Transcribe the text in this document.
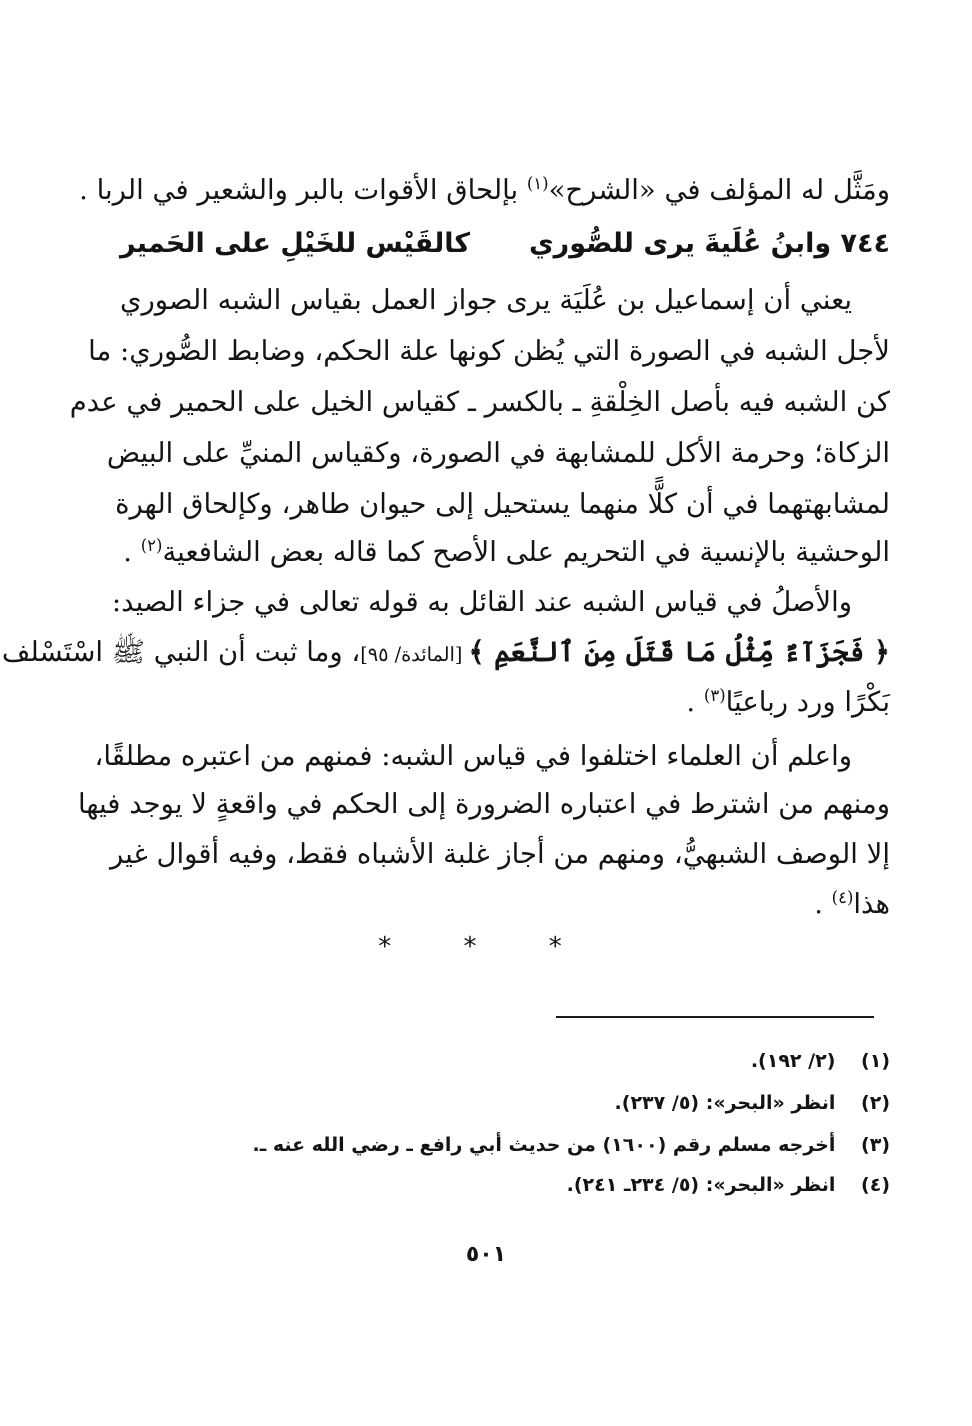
ومَثَّل له المؤلف في «الشرح»$^{(١)}$ بإلحاق الأقوات بالبر والشعير في الربا .
٧٤٤ وابنُ عُلَيةَ يرى للصُّوري
كالقَيْس للخَيْلِ على الحَمير
يعني أن إسماعيل بن عُلَيَة يرى جواز العمل بقياس الشبه الصوري
لأجل الشبه في الصورة التي يُظن كونها علة الحكم، وضابط الصُّوري: ما
كن الشبه فيه بأصل الخِلْقةِ ـ بالكسر ـ كقياس الخيل على الحمير في عدم
الزكاة؛ وحرمة الأكل للمشابهة في الصورة، وكقياس المنيِّ على البيض
لمشابهتهما في أن كلًّا منهما يستحيل إلى حيوان طاهر، وكإلحاق الهرة
الوحشية بالإنسية في التحريم على الأصح كما قاله بعض الشافعية$^{(٢)}$ .
والأصلُ في قياس الشبه عند القائل به قوله تعالى في جزاء الصيد:
﴿ فَجَزَآءٌ مِّثْلُ مَا قَتَلَ مِنَ ٱلنَّعَمِ ﴾ [المائدة/ ٩٥]، وما ثبت أن النبي ﷺ اسْتَسْلف
بَكْرًا ورد رباعيًا$^{(٣)}$ .
واعلم أن العلماء اختلفوا في قياس الشبه: فمنهم من اعتبره مطلقًا،
ومنهم من اشترط في اعتباره الضرورة إلى الحكم في واقعةٍ لا يوجد فيها
إلا الوصف الشبهيُّ، ومنهم من أجاز غلبة الأشباه فقط، وفيه أقوال غير
هذا$^{(٤)}$ .
* * *
(١) (٢/ ١٩٢).
(٢) انظر «البحر»: (٥/ ٢٣٧).
(٣) أخرجه مسلم رقم (١٦٠٠) من حديث أبي رافع ـ رضي الله عنه ـ.
(٤) انظر «البحر»: (٥/ ٢٣٤ـ ٢٤١).
٥٠١
